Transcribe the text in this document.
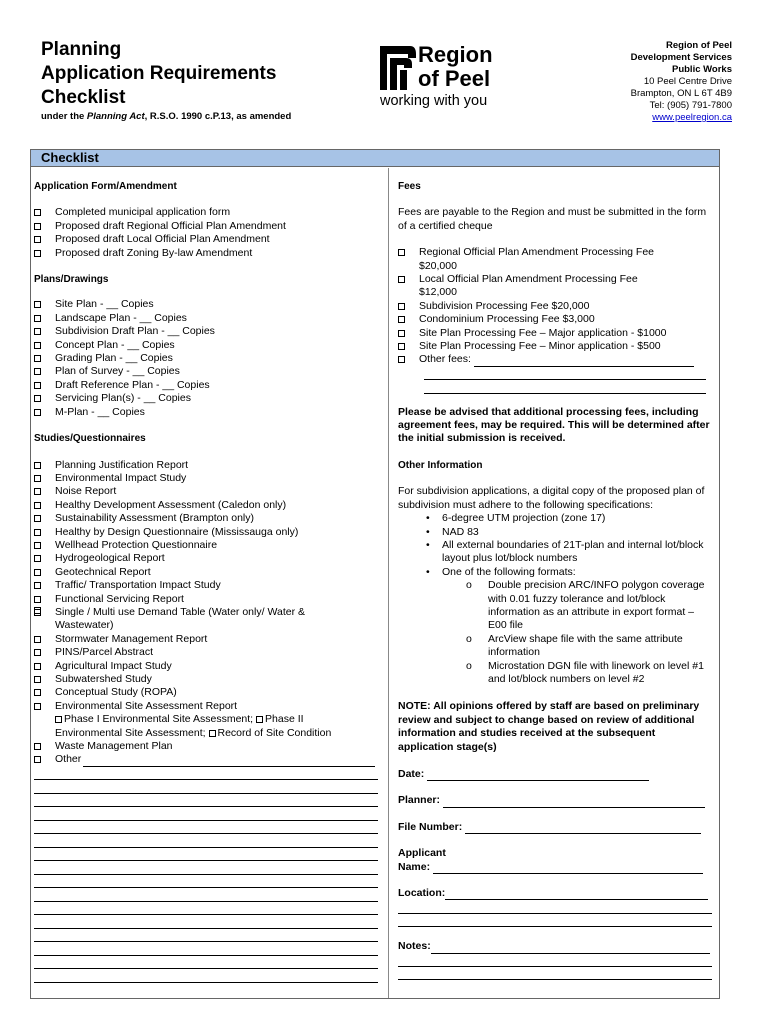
Planning
Application Requirements
Checklist
under the Planning Act, R.S.O. 1990 c.P.13, as amended
Region
of Peel
working with you
Region of Peel
Development Services
Public Works
10 Peel Centre Drive
Brampton, ON L 6T 4B9
Tel: (905) 791-7800
www.peelregion.ca
Checklist
Application Form/Amendment
Completed municipal application form
Proposed draft Regional Official Plan Amendment
Proposed draft Local Official Plan Amendment
Proposed draft Zoning By-law Amendment
Plans/Drawings
Site Plan - __ Copies
Landscape Plan - __ Copies
Subdivision Draft Plan - __ Copies
Concept Plan - __ Copies
Grading Plan - __ Copies
Plan of Survey - __ Copies
Draft Reference Plan - __ Copies
Servicing Plan(s) - __ Copies
M-Plan - __ Copies
Studies/Questionnaires
Planning Justification Report
Environmental Impact Study
Noise Report
Healthy Development Assessment (Caledon only)
Sustainability Assessment (Brampton only)
Healthy by Design Questionnaire (Mississauga only)
Wellhead Protection Questionnaire
Hydrogeological Report
Geotechnical Report
Traffic/ Transportation Impact Study
Functional Servicing Report
Single / Multi use Demand Table (
Water only/
Water &
Wastewater)
Stormwater Management Report
PINS/Parcel Abstract
Agricultural Impact Study
Subwatershed Study
Conceptual Study (ROPA)
Environmental Site Assessment Report
Phase I Environmental Site Assessment; Phase II
Environmental Site Assessment; Record of Site Condition
Waste Management Plan
Other
Fees
Fees are payable to the Region and must be submitted in the form of a certified cheque
Regional Official Plan Amendment Processing Fee
$20,000
Local Official Plan Amendment Processing Fee
$12,000
Subdivision Processing Fee $20,000
Condominium Processing Fee $3,000
Site Plan Processing Fee – Major application - $1000
Site Plan Processing Fee – Minor application - $500
Other fees:
Please be advised that additional processing fees, including agreement fees, may be required. This will be determined after the initial submission is received.
Other Information
For subdivision applications, a digital copy of the proposed plan of subdivision must adhere to the following specifications:
• 6-degree UTM projection (zone 17)
• NAD 83
• All external boundaries of 21T-plan and internal lot/block layout plus lot/block numbers
• One of the following formats:
o Double precision ARC/INFO polygon coverage with 0.01 fuzzy tolerance and lot/block information as an attribute in export format – E00 file
o ArcView shape file with the same attribute information
o Microstation DGN file with linework on level #1 and lot/block numbers on level #2
NOTE: All opinions offered by staff are based on preliminary review and subject to change based on review of additional information and studies received at the subsequent application stage(s)
Date:
Planner:
File Number:
Applicant
Name:
Location:
Notes:
